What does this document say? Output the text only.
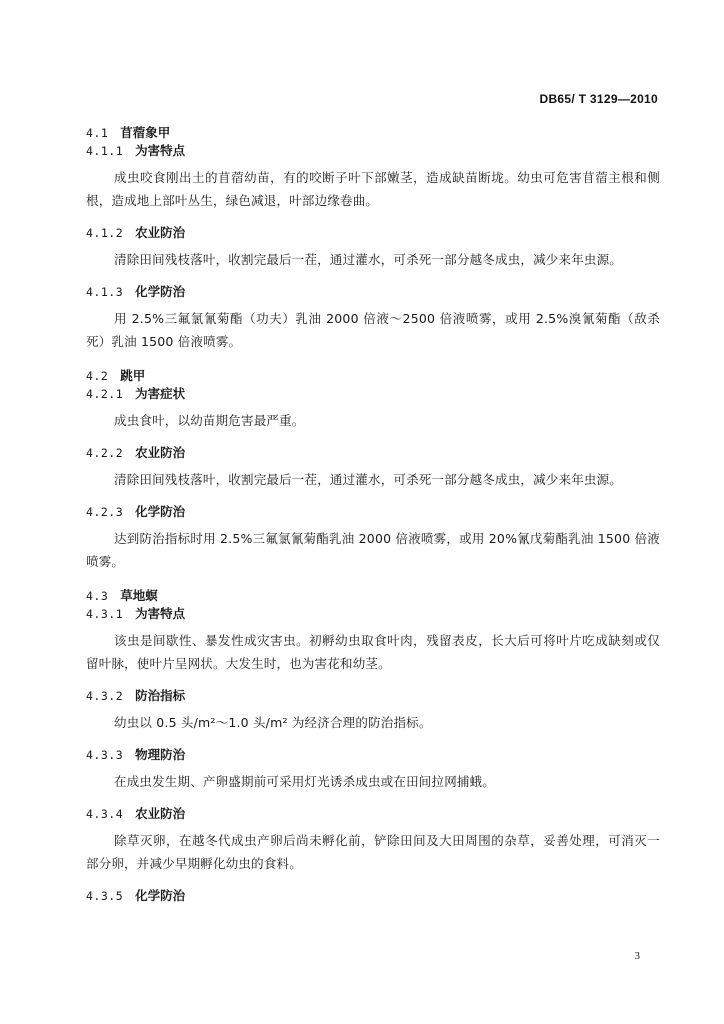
DB65/ T 3129—2010
4.1 苜蓿象甲
4.1.1 为害特点
成虫咬食刚出土的苜蓿幼苗，有的咬断子叶下部嫩茎，造成缺苗断垅。幼虫可危害苜蓿主根和侧根，造成地上部叶丛生，绿色减退，叶部边缘卷曲。
4.1.2 农业防治
清除田间残枝落叶，收割完最后一茬，通过灌水，可杀死一部分越冬成虫，减少来年虫源。
4.1.3 化学防治
用 2.5%三氟氯氰菊酯（功夫）乳油 2000 倍液～2500 倍液喷雾，或用 2.5%溴氰菊酯（敌杀死）乳油 1500 倍液喷雾。
4.2 跳甲
4.2.1 为害症状
成虫食叶，以幼苗期危害最严重。
4.2.2 农业防治
清除田间残枝落叶，收割完最后一茬，通过灌水，可杀死一部分越冬成虫，减少来年虫源。
4.2.3 化学防治
达到防治指标时用 2.5%三氟氯氰菊酯乳油 2000 倍液喷雾，或用 20%氰戊菊酯乳油 1500 倍液喷雾。
4.3 草地螟
4.3.1 为害特点
该虫是间歇性、暴发性成灾害虫。初孵幼虫取食叶肉，残留表皮，长大后可将叶片吃成缺刻或仅留叶脉，使叶片呈网状。大发生时，也为害花和幼茎。
4.3.2 防治指标
幼虫以 0.5 头/m²～1.0 头/m² 为经济合理的防治指标。
4.3.3 物理防治
在成虫发生期、产卵盛期前可采用灯光诱杀成虫或在田间拉网捕蛾。
4.3.4 农业防治
除草灭卵，在越冬代成虫产卵后尚未孵化前，铲除田间及大田周围的杂草，妥善处理，可消灭一部分卵，并减少早期孵化幼虫的食料。
4.3.5 化学防治
3
